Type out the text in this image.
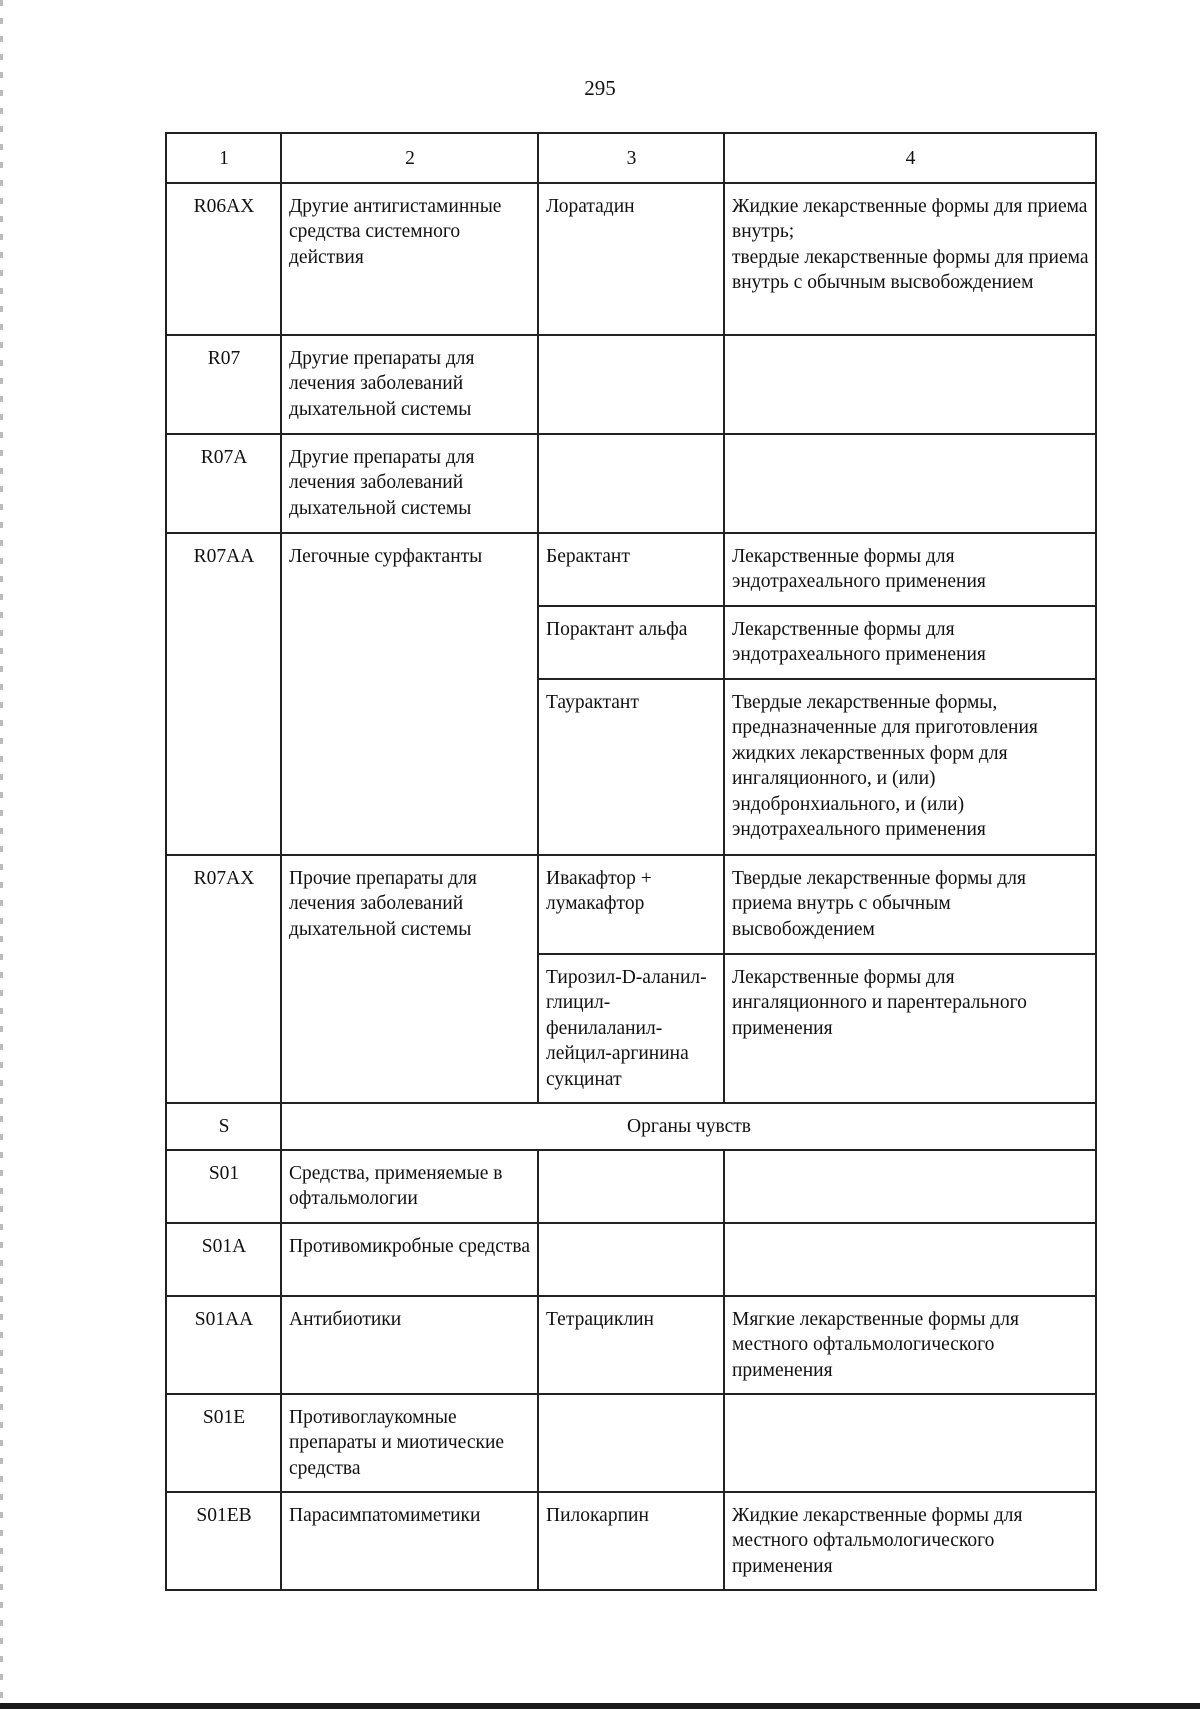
295
1	2	3	4
R06AX	Другие антигистаминные средства системного действия	Лоратадин	Жидкие лекарственные формы для приема внутрь;
твердые лекарственные формы для приема внутрь с обычным высвобождением
R07	Другие препараты для лечения заболеваний дыхательной системы		
R07A	Другие препараты для лечения заболеваний дыхательной системы		
R07AA	Легочные сурфактанты	Берактант	Лекарственные формы для эндотрахеального применения
		Порактант альфа	Лекарственные формы для эндотрахеального применения
		Таурактант	Твердые лекарственные формы, предназначенные для приготовления жидких лекарственных форм для ингаляционного, и (или) эндобронхиального, и (или) эндотрахеального применения
R07AX	Прочие препараты для лечения заболеваний дыхательной системы	Ивакафтор + лумакафтор	Твердые лекарственные формы для приема внутрь с обычным высвобождением
		Тирозил-D-аланил-глицил-фенилаланил-лейцил-аргинина сукцинат	Лекарственные формы для ингаляционного и парентерального применения
S	Органы чувств		
S01	Средства, применяемые в офтальмологии		
S01A	Противомикробные средства		
S01AA	Антибиотики	Тетрациклин	Мягкие лекарственные формы для местного офтальмологического применения
S01E	Противоглаукомные препараты и миотические средства		
S01EB	Парасимпатомиметики	Пилокарпин	Жидкие лекарственные формы для местного офтальмологического применения
